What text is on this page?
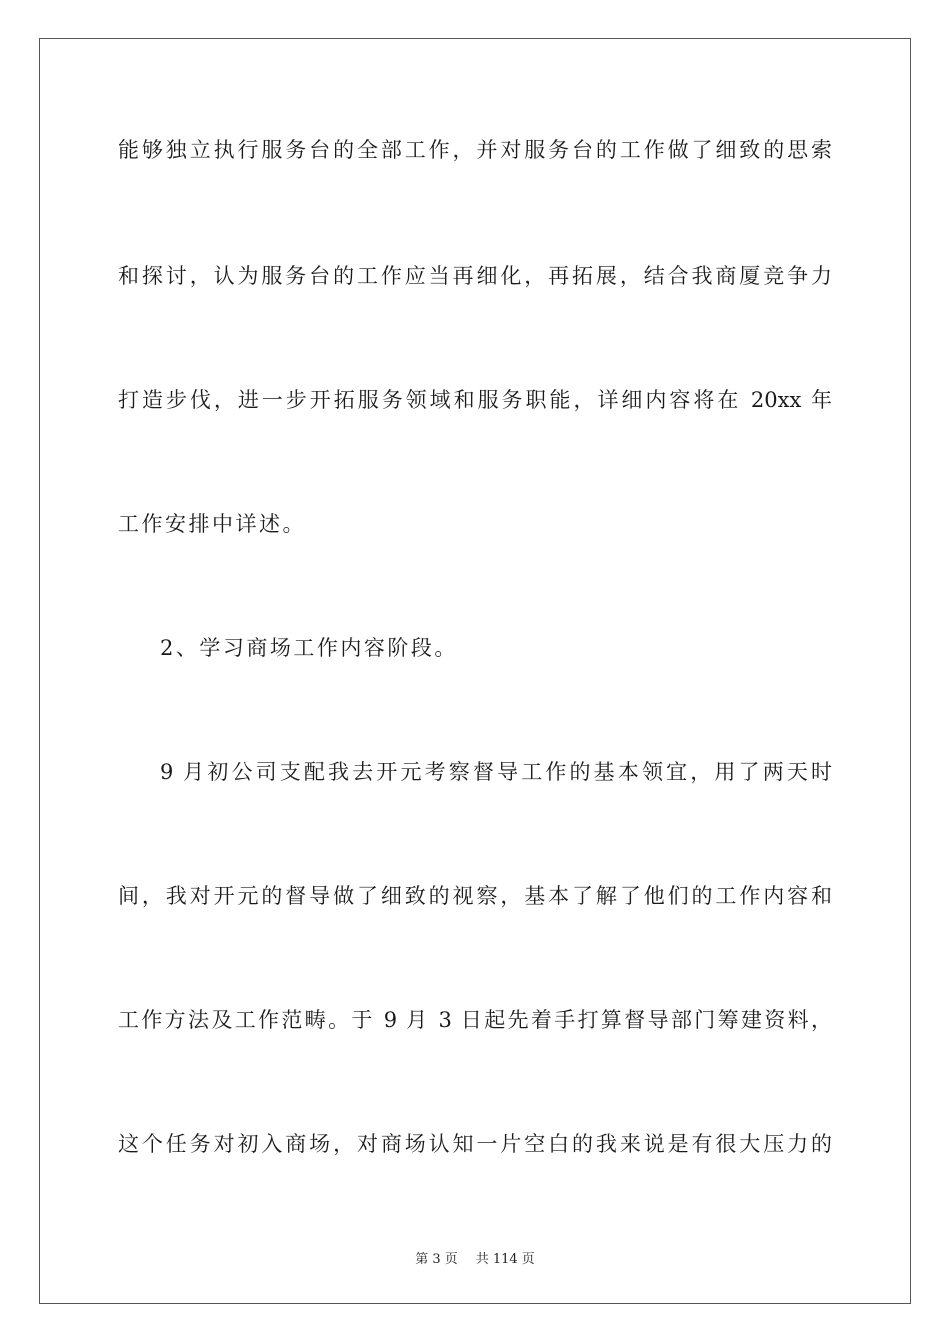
能够独立执行服务台的全部工作，并对服务台的工作做了细致的思索
和探讨，认为服务台的工作应当再细化，再拓展，结合我商厦竞争力
打造步伐，进一步开拓服务领域和服务职能，详细内容将在 20xx 年
工作安排中详述。
2、学习商场工作内容阶段。
9 月初公司支配我去开元考察督导工作的基本领宜，用了两天时
间，我对开元的督导做了细致的视察，基本了解了他们的工作内容和
工作方法及工作范畴。于 9 月 3 日起先着手打算督导部门筹建资料，
这个任务对初入商场，对商场认知一片空白的我来说是有很大压力的
第 3 页 共 114 页
